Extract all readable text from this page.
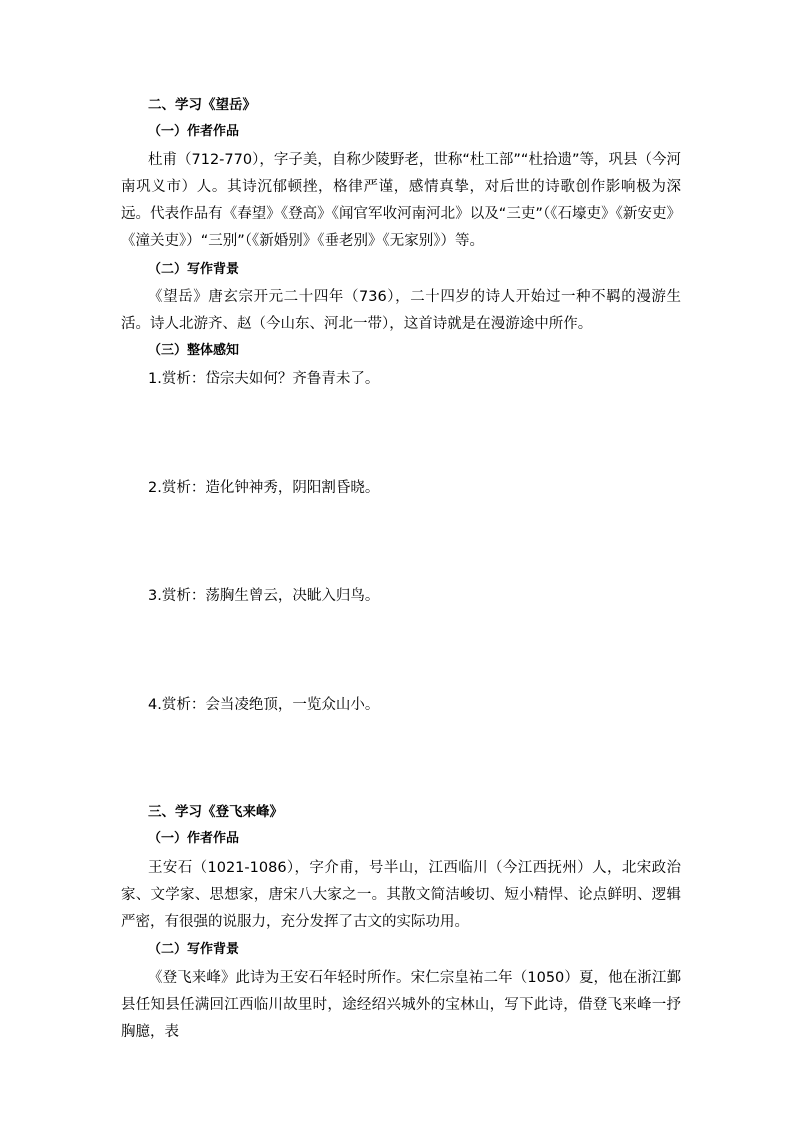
二、学习《望岳》
（一）作者作品
杜甫（712-770），字子美，自称少陵野老，世称“杜工部”“杜拾遗”等，巩县（今河南巩义市）人。其诗沉郁顿挫，格律严谨，感情真挚，对后世的诗歌创作影响极为深远。代表作品有《春望》《登高》《闻官军收河南河北》以及“三吏”（《石壕吏》《新安吏》《潼关吏》）“三别”（《新婚别》《垂老别》《无家别》）等。
（二）写作背景
《望岳》唐玄宗开元二十四年（736），二十四岁的诗人开始过一种不羁的漫游生活。诗人北游齐、赵（今山东、河北一带），这首诗就是在漫游途中所作。
（三）整体感知
1.赏析：岱宗夫如何？齐鲁青未了。
2.赏析：造化钟神秀，阴阳割昏晓。
3.赏析：荡胸生曾云，决眦入归鸟。
4.赏析：会当凌绝顶，一览众山小。
三、学习《登飞来峰》
（一）作者作品
王安石（1021-1086），字介甫，号半山，江西临川（今江西抚州）人，北宋政治家、文学家、思想家，唐宋八大家之一。其散文简洁峻切、短小精悍、论点鲜明、逻辑严密，有很强的说服力，充分发挥了古文的实际功用。
（二）写作背景
《登飞来峰》此诗为王安石年轻时所作。宋仁宗皇祐二年（1050）夏，他在浙江鄞县任知县任满回江西临川故里时，途经绍兴城外的宝林山，写下此诗，借登飞来峰一抒胸臆，表
